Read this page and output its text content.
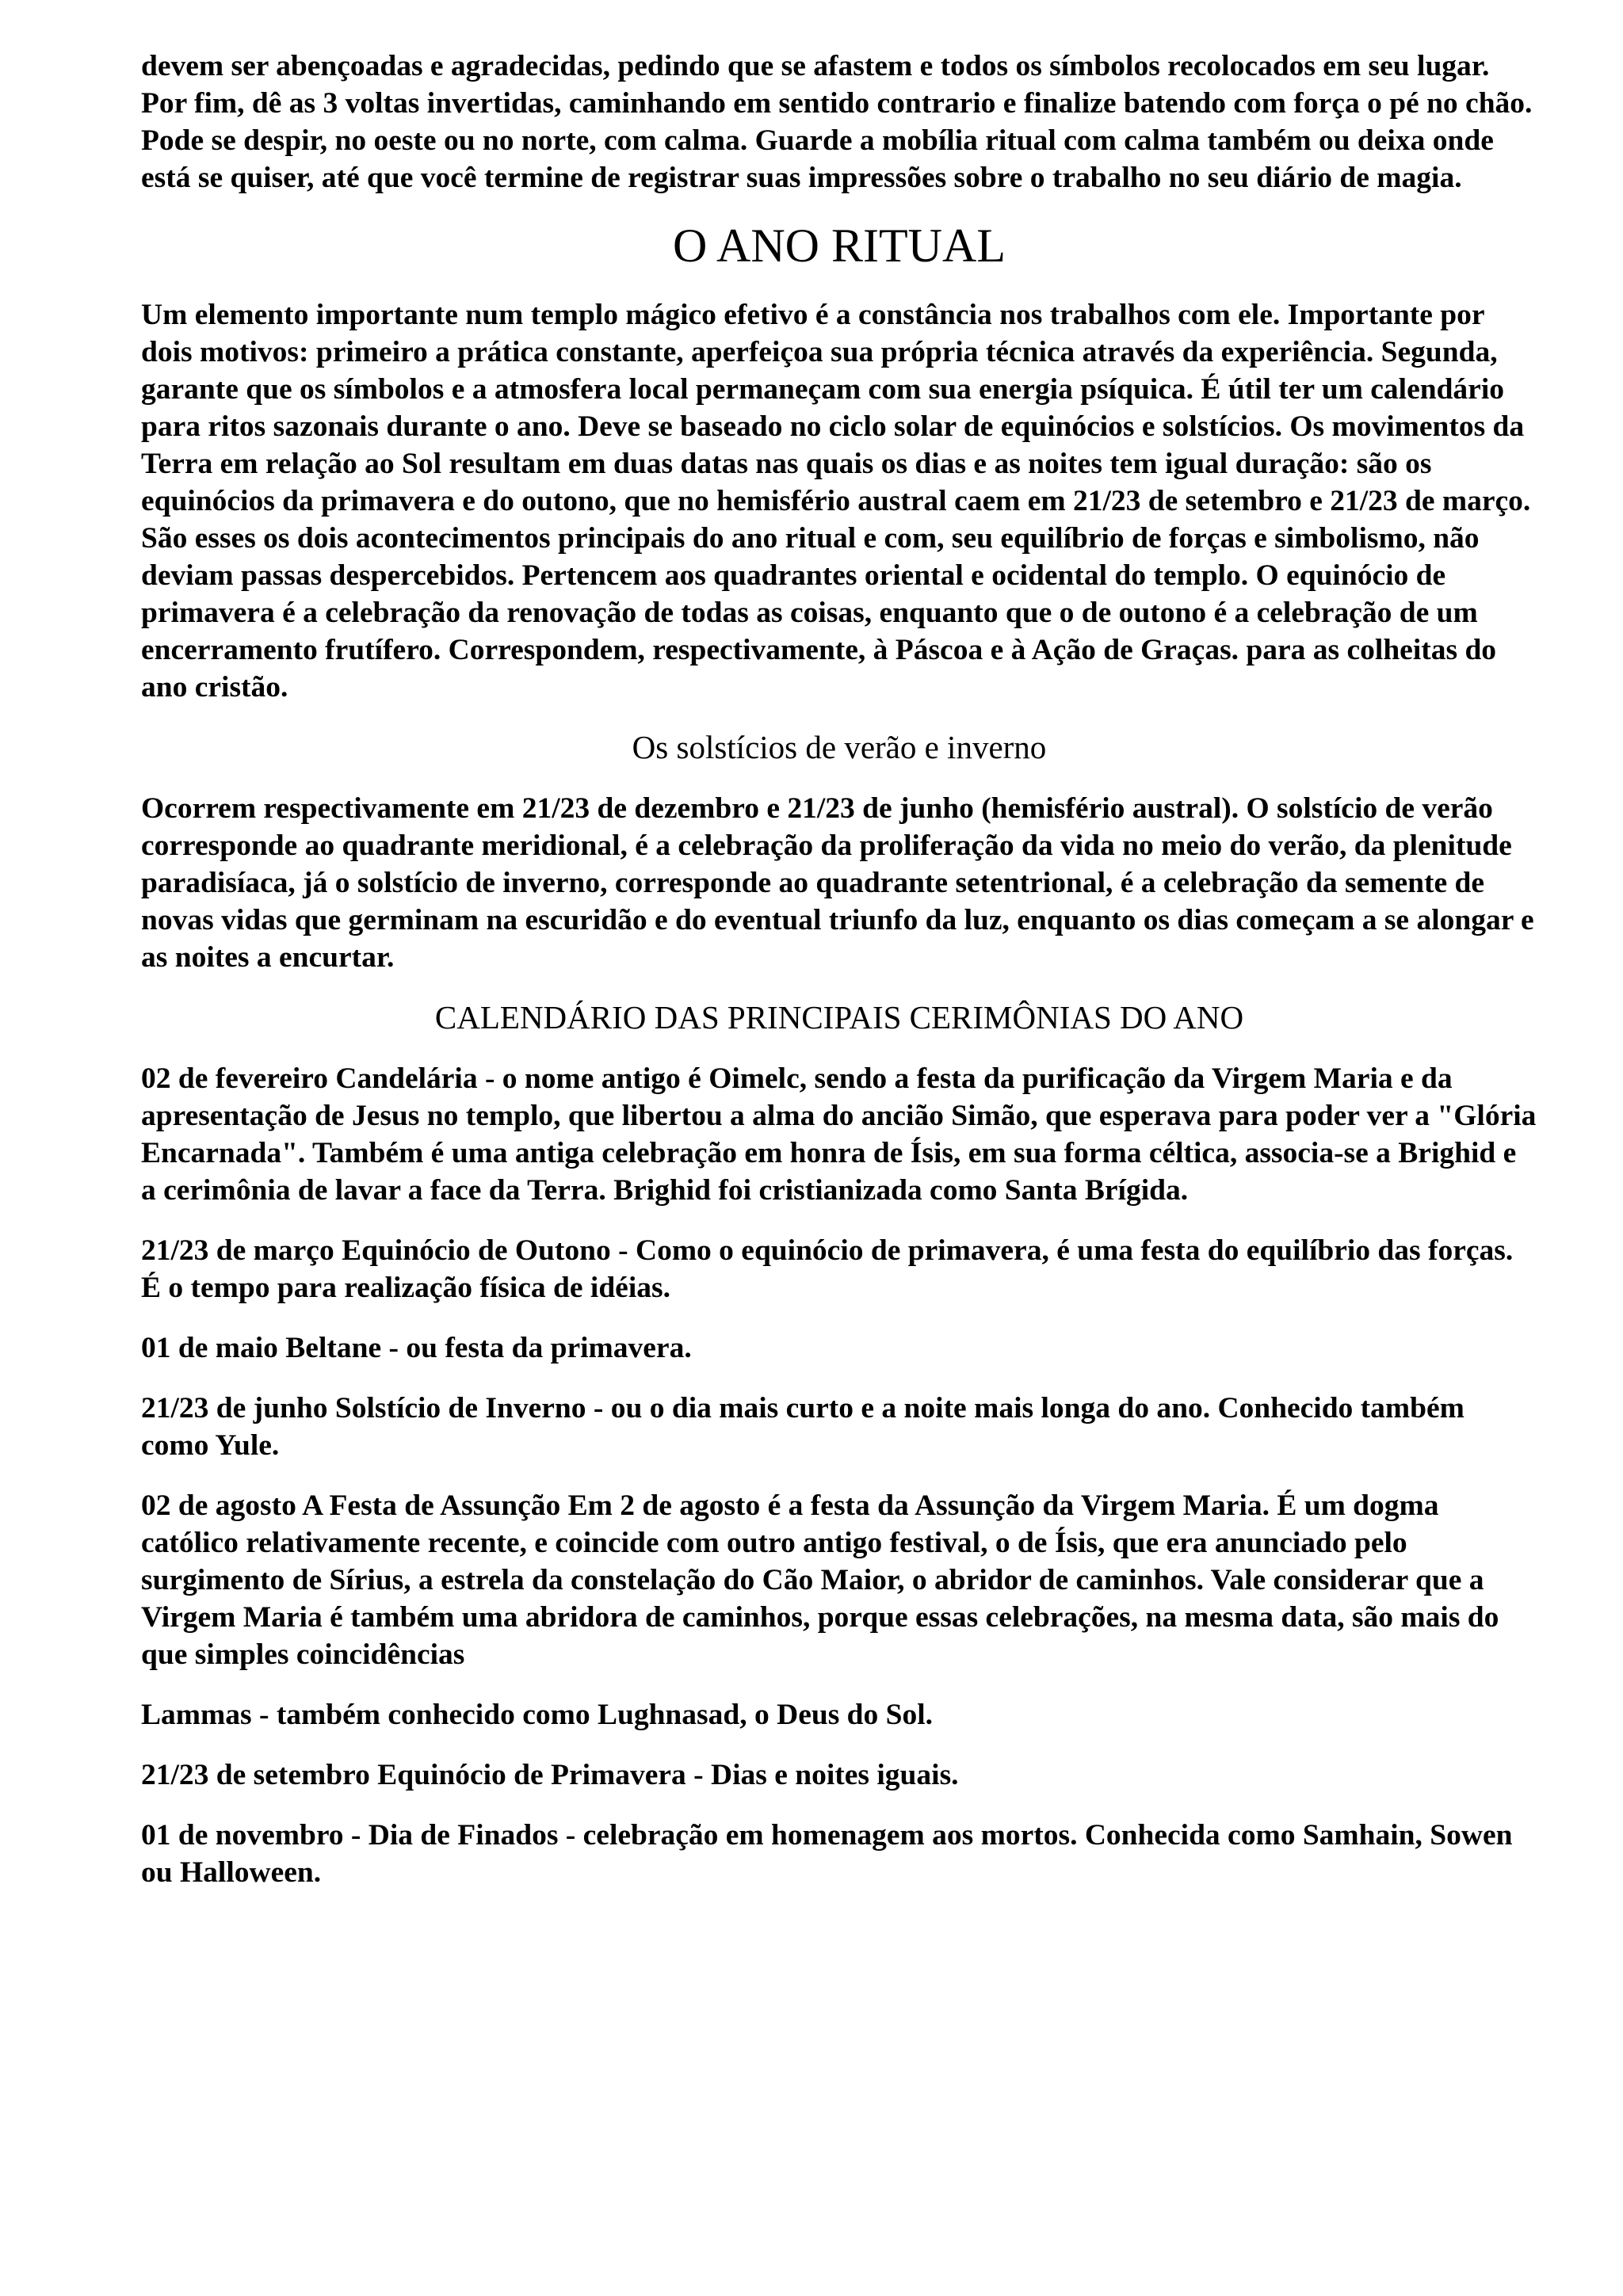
devem ser abençoadas e agradecidas, pedindo que se afastem e todos os símbolos recolocados em seu lugar. Por fim, dê as 3 voltas invertidas, caminhando em sentido contrario e finalize batendo com força o pé no chão. Pode se despir, no oeste ou no norte, com calma. Guarde a mobília ritual com calma também ou deixa onde está se quiser, até que você termine de registrar suas impressões sobre o trabalho no seu diário de magia.

O ANO RITUAL

Um elemento importante num templo mágico efetivo é a constância nos trabalhos com ele. Importante por dois motivos: primeiro a prática constante, aperfeiçoa sua própria técnica através da experiência. Segunda, garante que os símbolos e a atmosfera local permaneçam com sua energia psíquica. É útil ter um calendário para ritos sazonais durante o ano. Deve se baseado no ciclo solar de equinócios e solstícios. Os movimentos da Terra em relação ao Sol resultam em duas datas nas quais os dias e as noites tem igual duração: são os equinócios da primavera e do outono, que no hemisfério austral caem em 21/23 de setembro e 21/23 de março. São esses os dois acontecimentos principais do ano ritual e com, seu equilíbrio de forças e simbolismo, não deviam passas despercebidos. Pertencem aos quadrantes oriental e ocidental do templo. O equinócio de primavera é a celebração da renovação de todas as coisas, enquanto que o de outono é a celebração de um encerramento frutífero. Correspondem, respectivamente, à Páscoa e à Ação de Graças. para as colheitas do ano cristão.

Os solstícios de verão e inverno

Ocorrem respectivamente em 21/23 de dezembro e 21/23 de junho (hemisfério austral). O solstício de verão corresponde ao quadrante meridional, é a celebração da proliferação da vida no meio do verão, da plenitude paradisíaca, já o solstício de inverno, corresponde ao quadrante setentrional, é a celebração da semente de novas vidas que germinam na escuridão e do eventual triunfo da luz, enquanto os dias começam a se alongar e as noites a encurtar.

CALENDÁRIO DAS PRINCIPAIS CERIMÔNIAS DO ANO

02 de fevereiro Candelária - o nome antigo é Oimelc, sendo a festa da purificação da Virgem Maria e da apresentação de Jesus no templo, que libertou a alma do ancião Simão, que esperava para poder ver a "Glória Encarnada". Também é uma antiga celebração em honra de Ísis, em sua forma céltica, associa-se a Brighid e a cerimônia de lavar a face da Terra. Brighid foi cristianizada como Santa Brígida.

21/23 de março Equinócio de Outono - Como o equinócio de primavera, é uma festa do equilíbrio das forças. É o tempo para realização física de idéias.

01 de maio Beltane - ou festa da primavera.

21/23 de junho Solstício de Inverno - ou o dia mais curto e a noite mais longa do ano. Conhecido também como Yule.

02 de agosto A Festa de Assunção Em 2 de agosto é a festa da Assunção da Virgem Maria. É um dogma católico relativamente recente, e coincide com outro antigo festival, o de Ísis, que era anunciado pelo surgimento de Sírius, a estrela da constelação do Cão Maior, o abridor de caminhos. Vale considerar que a Virgem Maria é também uma abridora de caminhos, porque essas celebrações, na mesma data, são mais do que simples coincidências

Lammas - também conhecido como Lughnasad, o Deus do Sol.

21/23 de setembro Equinócio de Primavera - Dias e noites iguais.

01 de novembro - Dia de Finados - celebração em homenagem aos mortos. Conhecida como Samhain, Sowen ou Halloween.
